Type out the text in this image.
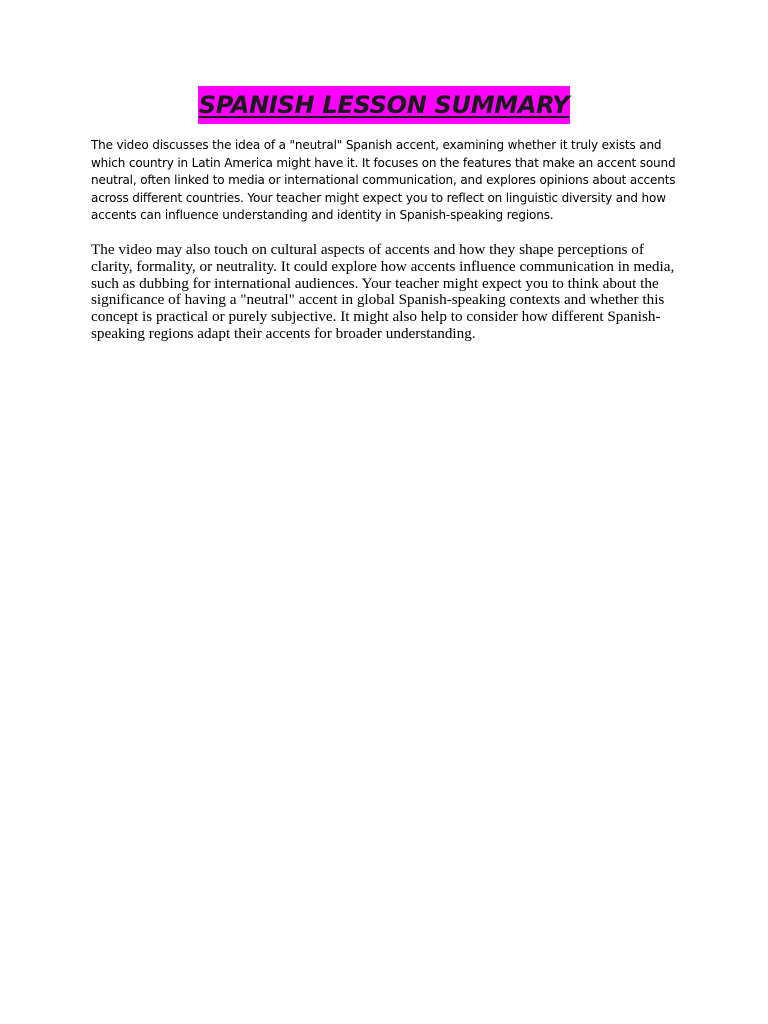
SPANISH LESSON SUMMARY

The video discusses the idea of a "neutral" Spanish accent, examining whether it truly exists and which country in Latin America might have it. It focuses on the features that make an accent sound neutral, often linked to media or international communication, and explores opinions about accents across different countries. Your teacher might expect you to reflect on linguistic diversity and how accents can influence understanding and identity in Spanish-speaking regions.

The video may also touch on cultural aspects of accents and how they shape perceptions of clarity, formality, or neutrality. It could explore how accents influence communication in media, such as dubbing for international audiences. Your teacher might expect you to think about the significance of having a "neutral" accent in global Spanish-speaking contexts and whether this concept is practical or purely subjective. It might also help to consider how different Spanish-speaking regions adapt their accents for broader understanding.
